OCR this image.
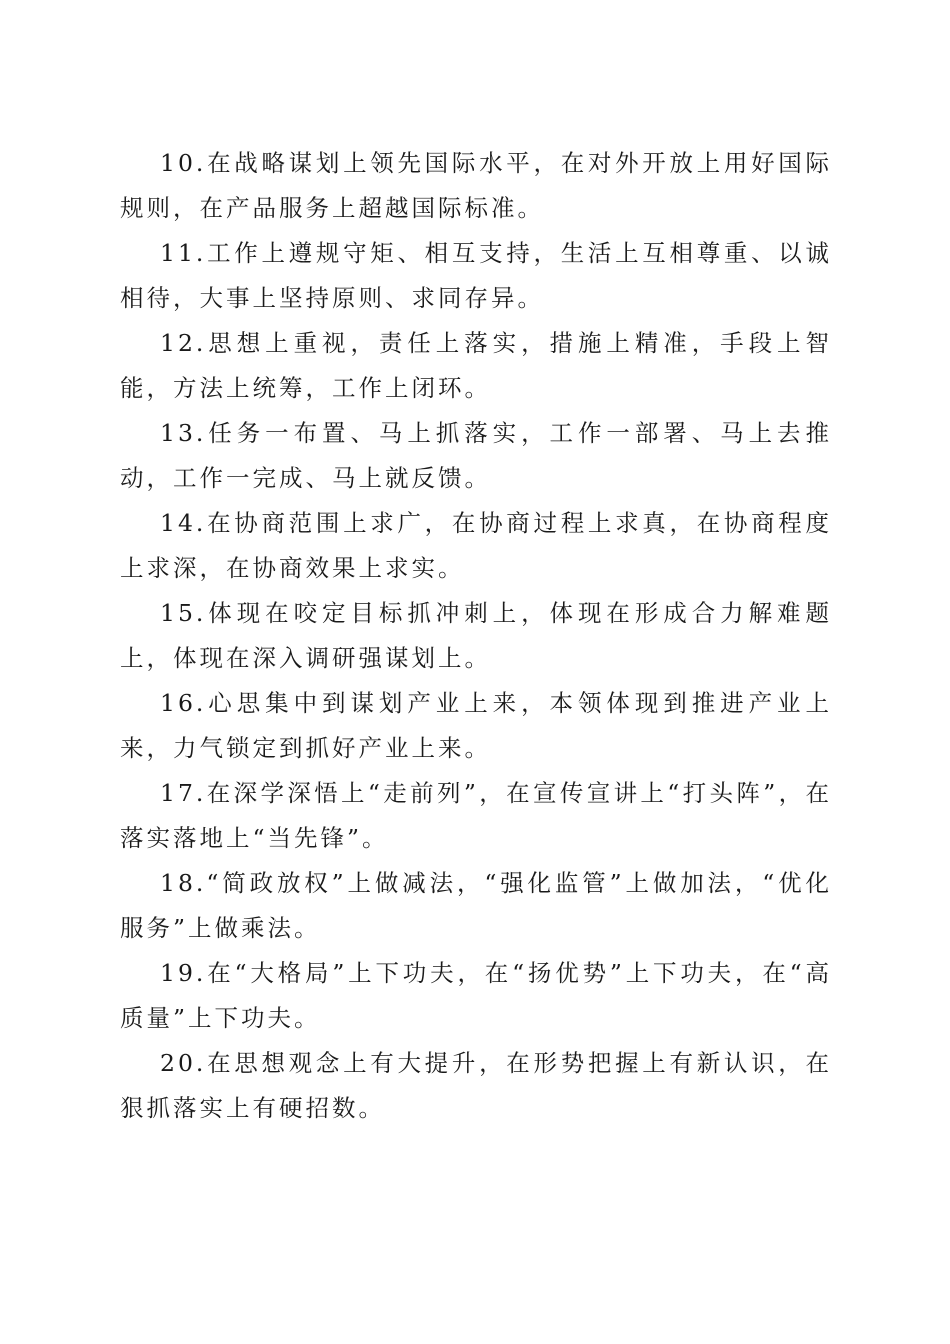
10.在战略谋划上领先国际水平，在对外开放上用好国际规则，在产品服务上超越国际标准。

11.工作上遵规守矩、相互支持，生活上互相尊重、以诚相待，大事上坚持原则、求同存异。

12.思想上重视，责任上落实，措施上精准，手段上智能，方法上统筹，工作上闭环。

13.任务一布置、马上抓落实，工作一部署、马上去推动，工作一完成、马上就反馈。

14.在协商范围上求广，在协商过程上求真，在协商程度上求深，在协商效果上求实。

15.体现在咬定目标抓冲刺上，体现在形成合力解难题上，体现在深入调研强谋划上。

16.心思集中到谋划产业上来，本领体现到推进产业上来，力气锁定到抓好产业上来。

17.在深学深悟上“走前列”，在宣传宣讲上“打头阵”，在落实落地上“当先锋”。

18.“简政放权”上做减法，“强化监管”上做加法，“优化服务”上做乘法。

19.在“大格局”上下功夫，在“扬优势”上下功夫，在“高质量”上下功夫。

20.在思想观念上有大提升，在形势把握上有新认识，在狠抓落实上有硬招数。
